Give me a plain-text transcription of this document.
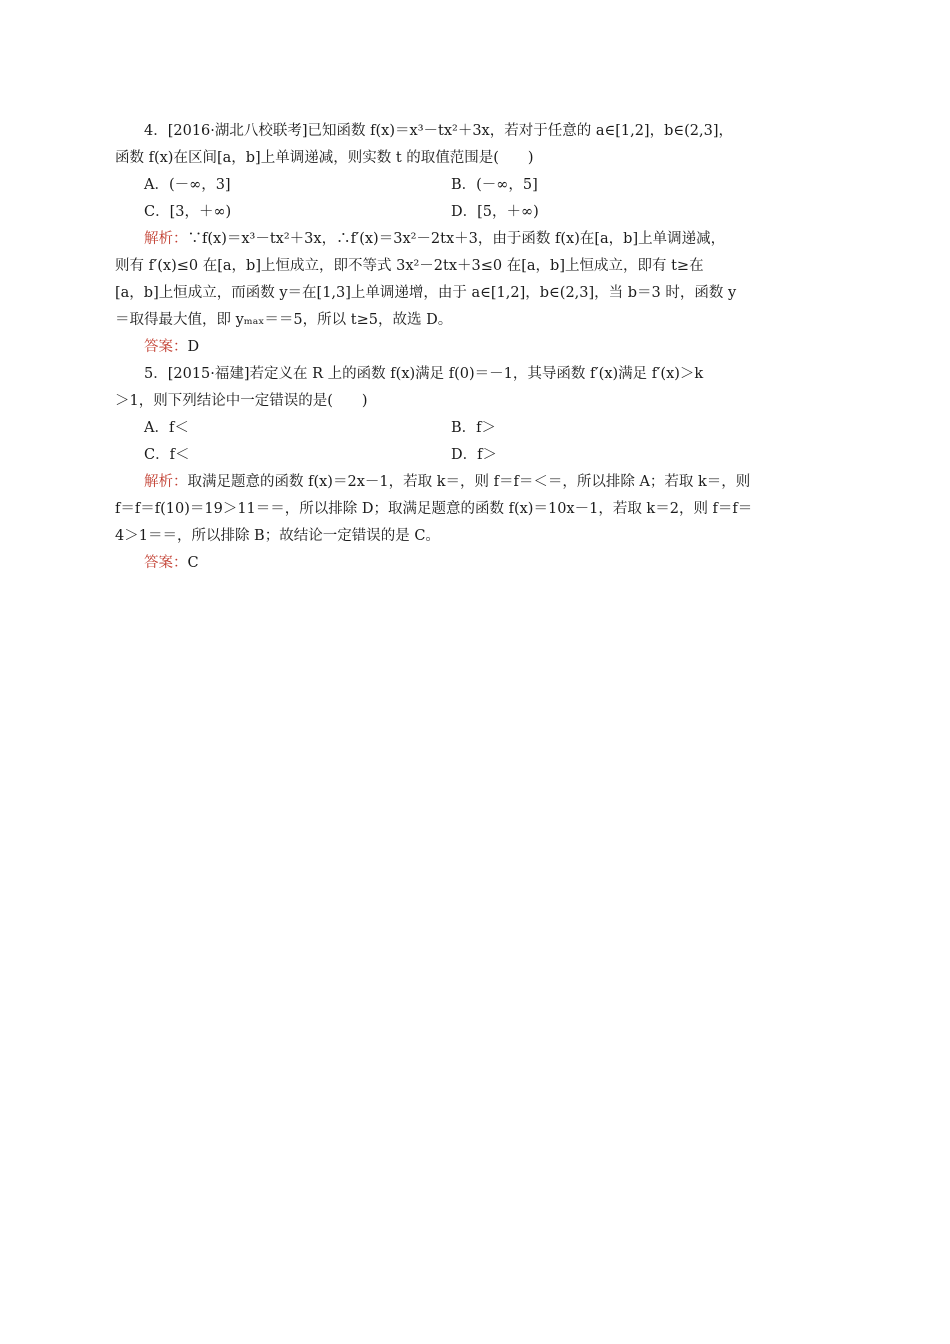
4．[2016·湖北八校联考]已知函数 f(x)＝x³－tx²＋3x，若对于任意的 a∈[1,2]，b∈(2,3]，
函数 f(x)在区间[a，b]上单调递减，则实数 t 的取值范围是(　　)
A．(－∞，3]	B．(－∞，5]
C．[3，＋∞)	D．[5，＋∞)
解析：∵f(x)＝x³－tx²＋3x，∴f′(x)＝3x²－2tx＋3，由于函数 f(x)在[a，b]上单调递减，
则有 f′(x)≤0 在[a，b]上恒成立，即不等式 3x²－2tx＋3≤0 在[a，b]上恒成立，即有 t≥在
[a，b]上恒成立，而函数 y＝在[1,3]上单调递增，由于 a∈[1,2]，b∈(2,3]，当 b＝3 时，函数 y
＝取得最大值，即 yₘₐₓ＝＝5，所以 t≥5，故选 D。
答案：D
5．[2015·福建]若定义在 R 上的函数 f(x)满足 f(0)＝－1，其导函数 f′(x)满足 f′(x)＞k
＞1，则下列结论中一定错误的是(　　)
A．f＜	B．f＞
C．f＜	D．f＞
解析：取满足题意的函数 f(x)＝2x－1，若取 k＝，则 f＝f＝＜＝，所以排除 A；若取 k＝，则
f＝f＝f(10)＝19＞11＝＝，所以排除 D；取满足题意的函数 f(x)＝10x－1，若取 k＝2，则 f＝f＝
4＞1＝＝，所以排除 B；故结论一定错误的是 C。
答案：C
